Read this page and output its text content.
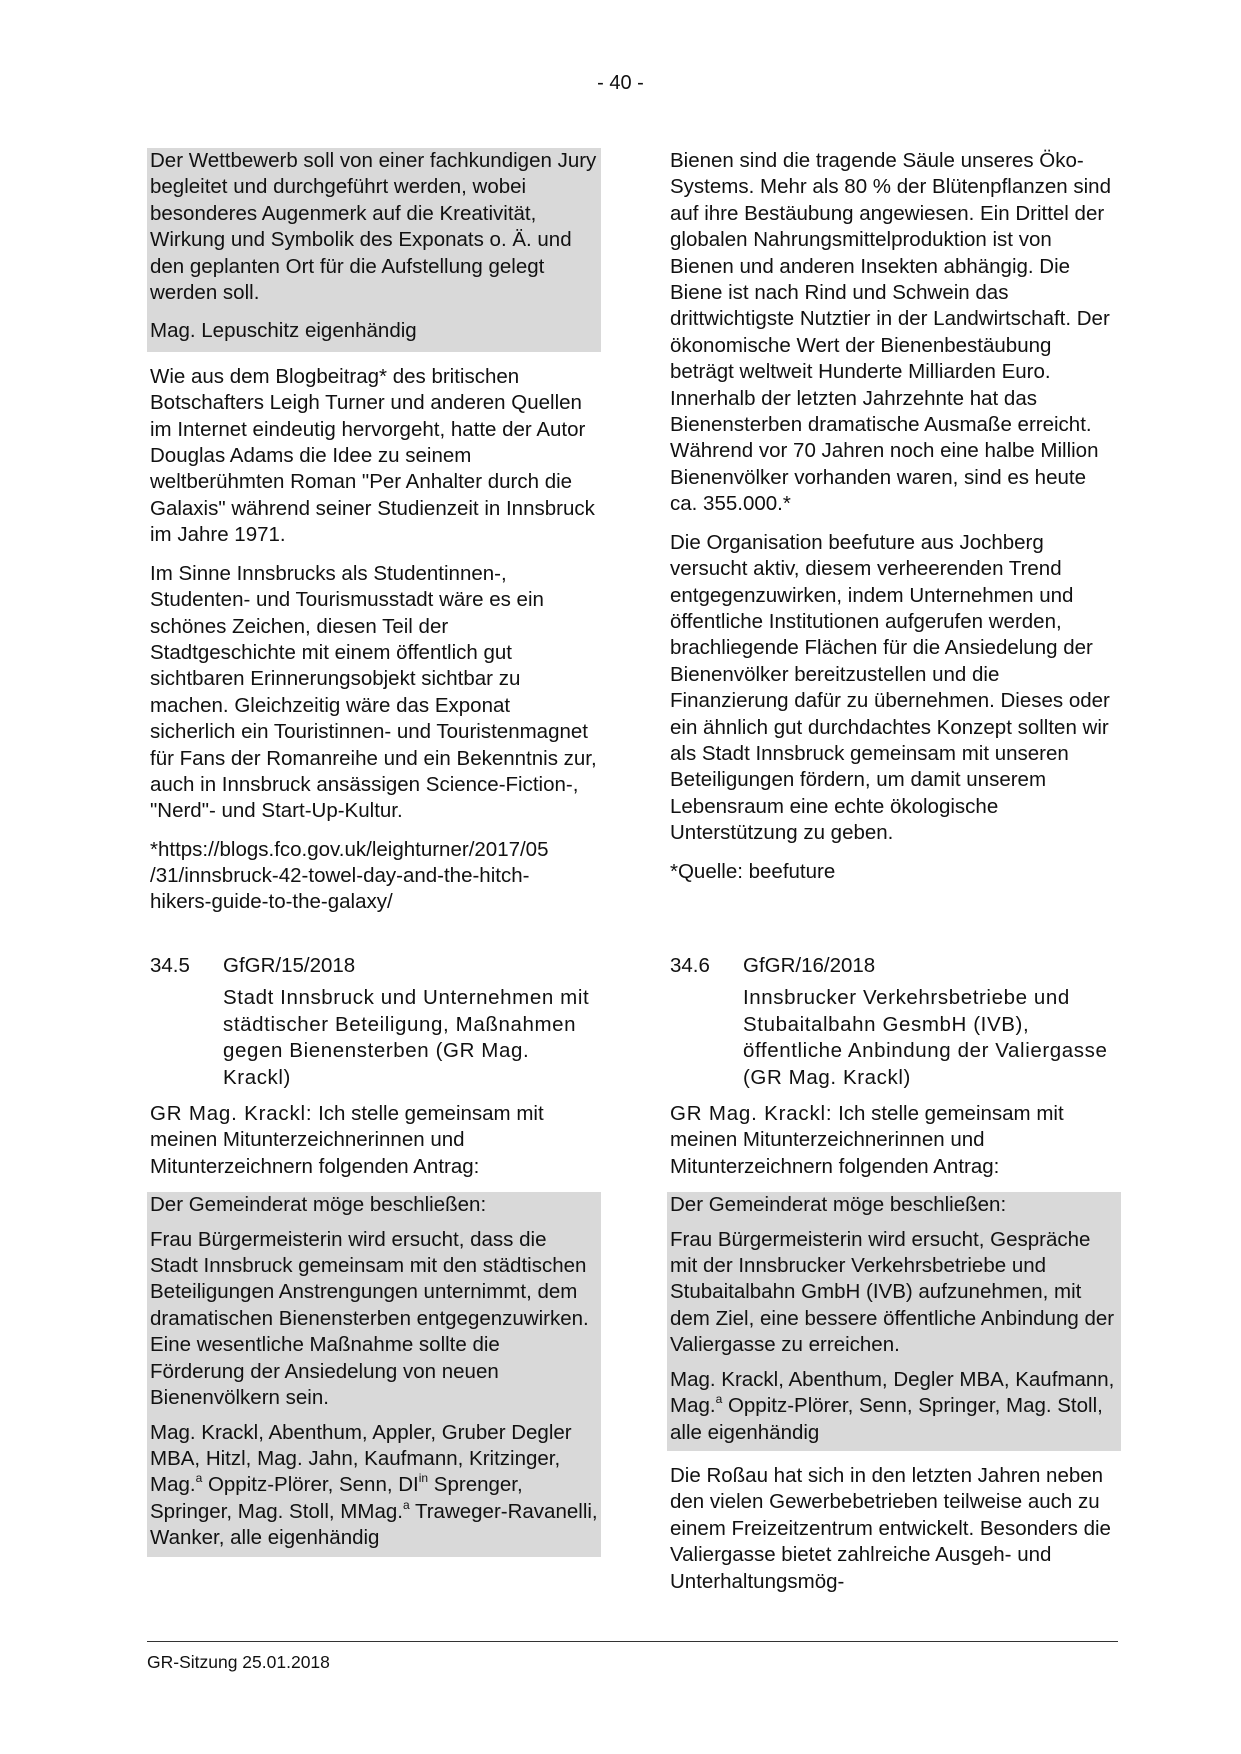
- 40 -
Der Wettbewerb soll von einer fachkundigen Jury begleitet und durchgeführt werden, wobei besonderes Augenmerk auf die Kreativität, Wirkung und Symbolik des Exponats o. Ä. und den geplanten Ort für die Aufstellung gelegt werden soll.
Mag. Lepuschitz eigenhändig

Wie aus dem Blogbeitrag* des britischen Botschafters Leigh Turner und anderen Quellen im Internet eindeutig hervorgeht, hatte der Autor Douglas Adams die Idee zu seinem weltberühmten Roman "Per Anhalter durch die Galaxis" während seiner Studienzeit in Innsbruck im Jahre 1971.

Im Sinne Innsbrucks als Studentinnen-, Studenten- und Tourismusstadt wäre es ein schönes Zeichen, diesen Teil der Stadtgeschichte mit einem öffentlich gut sichtbaren Erinnerungsobjekt sichtbar zu machen. Gleichzeitig wäre das Exponat sicherlich ein Touristinnen- und Touristenmagnet für Fans der Romanreihe und ein Bekenntnis zur, auch in Innsbruck ansässigen Science-Fiction-, "Nerd"- und Start-Up-Kultur.

*https://blogs.fco.gov.uk/leighturner/2017/05
/31/innsbruck-42-towel-day-and-the-hitch-
hikers-guide-to-the-galaxy/

Bienen sind die tragende Säule unseres Öko-Systems. Mehr als 80 % der Blütenpflanzen sind auf ihre Bestäubung angewiesen. Ein Drittel der globalen Nahrungsmittelproduktion ist von Bienen und anderen Insekten abhängig. Die Biene ist nach Rind und Schwein das drittwichtigste Nutztier in der Landwirtschaft. Der ökonomische Wert der Bienenbestäubung beträgt weltweit Hunderte Milliarden Euro. Innerhalb der letzten Jahrzehnte hat das Bienensterben dramatische Ausmaße erreicht. Während vor 70 Jahren noch eine halbe Million Bienenvölker vorhanden waren, sind es heute ca. 355.000.*

Die Organisation beefuture aus Jochberg versucht aktiv, diesem verheerenden Trend entgegenzuwirken, indem Unternehmen und öffentliche Institutionen aufgerufen werden, brachliegende Flächen für die Ansiedelung der Bienenvölker bereitzustellen und die Finanzierung dafür zu übernehmen. Dieses oder ein ähnlich gut durchdachtes Konzept sollten wir als Stadt Innsbruck gemeinsam mit unseren Beteiligungen fördern, um damit unserem Lebensraum eine echte ökologische Unterstützung zu geben.

*Quelle: beefuture

34.5	GfGR/15/2018

Stadt Innsbruck und Unternehmen mit städtischer Beteiligung, Maßnahmen gegen Bienensterben (GR Mag. Krackl)

GR Mag. Krackl: Ich stelle gemeinsam mit meinen Mitunterzeichnerinnen und Mitunterzeichnern folgenden Antrag:

Der Gemeinderat möge beschließen:

Frau Bürgermeisterin wird ersucht, dass die Stadt Innsbruck gemeinsam mit den städtischen Beteiligungen Anstrengungen unternimmt, dem dramatischen Bienensterben entgegenzuwirken. Eine wesentliche Maßnahme sollte die Förderung der Ansiedelung von neuen Bienenvölkern sein.

Mag. Krackl, Abenthum, Appler, Gruber Degler MBA, Hitzl, Mag. Jahn, Kaufmann, Kritzinger, Mag.$^a$ Oppitz-Plörer, Senn, $DI^{in}$ Sprenger, Springer, Mag. Stoll, MMag.$^a$ Traweger-Ravanelli, Wanker, alle eigenhändig

34.6	GfGR/16/2018

Innsbrucker Verkehrsbetriebe und Stubaitalbahn GesmbH (IVB), öffentliche Anbindung der Valiergasse (GR Mag. Krackl)

GR Mag. Krackl: Ich stelle gemeinsam mit meinen Mitunterzeichnerinnen und Mitunterzeichnern folgenden Antrag:

Der Gemeinderat möge beschließen:

Frau Bürgermeisterin wird ersucht, Gespräche mit der Innsbrucker Verkehrsbetriebe und Stubaitalbahn GmbH (IVB) aufzunehmen, mit dem Ziel, eine bessere öffentliche Anbindung der Valiergasse zu erreichen.

Mag. Krackl, Abenthum, Degler MBA, Kaufmann, Mag.$^a$ Oppitz-Plörer, Senn, Springer, Mag. Stoll, alle eigenhändig

Die Roßau hat sich in den letzten Jahren neben den vielen Gewerbebetrieben teilweise auch zu einem Freizeitzentrum entwickelt. Besonders die Valiergasse bietet zahlreiche Ausgeh- und Unterhaltungsmög-

GR-Sitzung 25.01.2018
